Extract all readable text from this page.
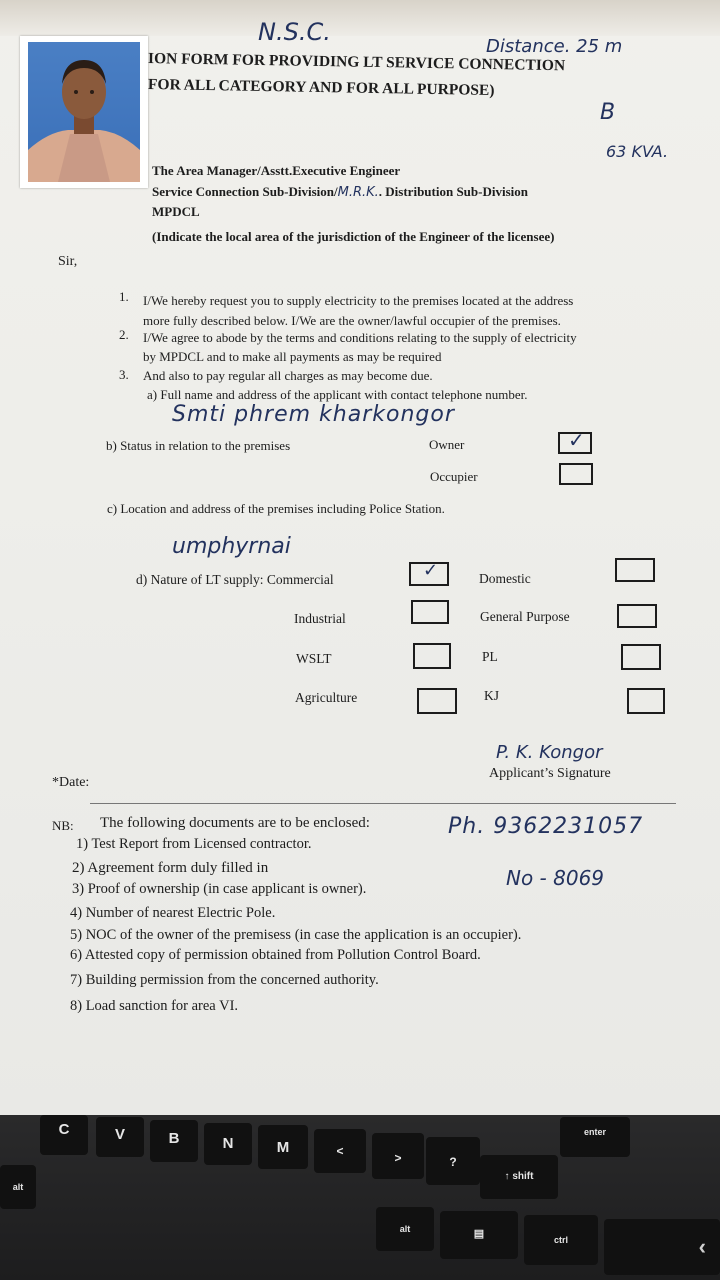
N.S.C.
Distance. 25 m
B
63 KVA.
ION FORM FOR PROVIDING LT SERVICE CONNECTION
FOR ALL CATEGORY AND FOR ALL PURPOSE)
The Area Manager/Asstt.Executive Engineer
Service Connection Sub-Division/M.R.K.. Distribution Sub-Division
MPDCL
(Indicate the local area of the jurisdiction of the Engineer of the licensee)
Sir,
1. I/We hereby request you to supply electricity to the premises located at the address
more fully described below. I/We are the owner/lawful occupier of the premises.
2. I/We agree to abode by the terms and conditions relating to the supply of electricity
by MPDCL and to make all payments as may be required
3. And also to pay regular all charges as may become due.
a) Full name and address of the applicant with contact telephone number.
Smti phrem kharkongor
b) Status in relation to the premises	Owner	✓
Occupier
c) Location and address of the premises including Police Station.
umphyrnai
d) Nature of LT supply: Commercial	✓	Domestic
Industrial	General Purpose
WSLT	PL
Agriculture	KJ
P. K. Kongor
Applicant’s Signature
*Date:
NB: The following documents are to be enclosed:
1) Test Report from Licensed contractor.
2) Agreement form duly filled in
3) Proof of ownership (in case applicant is owner).
4) Number of nearest Electric Pole.
5) NOC of the owner of the premisess (in case the application is an occupier).
6) Attested copy of permission obtained from Pollution Control Board.
7) Building permission from the concerned authority.
8) Load sanction for area VI.
Ph. 9362231057
No - 8069
C	V	B	N	M	<	>	?
↑ shift
enter
alt
alt	▤	ctrl	‹
